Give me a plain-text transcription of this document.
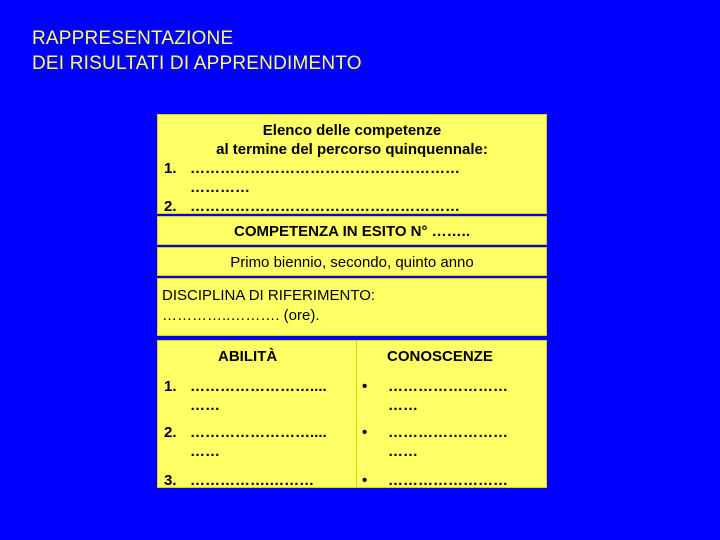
RAPPRESENTAZIONE
DEI RISULTATI DI APPRENDIMENTO
Elenco delle competenze
al termine del percorso quinquennale:
1. ………………………………………………
…………
2. ………………………………………………
COMPETENZA IN ESITO N° ……..
Primo biennio, secondo, quinto anno
DISCIPLINA DI RIFERIMENTO:
…………..………. (ore).
ABILITÀ	CONOSCENZE
1. ……………………....
……
• ……………………
……
2. ……………………....
……
• ……………………
……
3. …………….………	• ……………………
